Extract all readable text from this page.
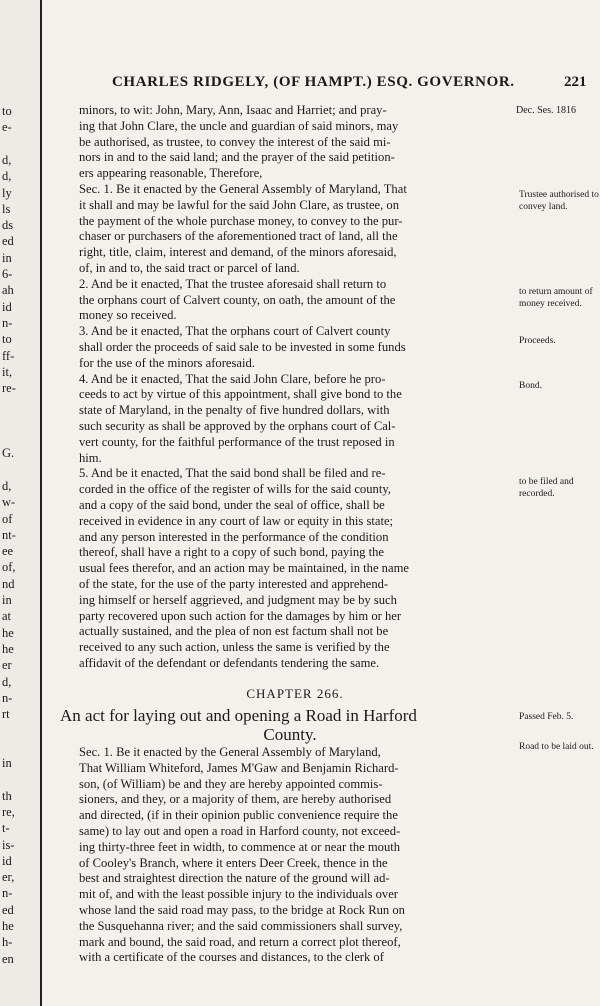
to
e-
d,
d,
ly
ls
ds
ed
in
6-
ah
id
n-
to
ff-
it,
re-
G.
d,
w-
of
nt-
ee
of,
nd
in
at
he
he
er
d,
n-
rt
in
th
re,
t-
is-
id
er,
n-
ed
he
h-
en
CHARLES RIDGELY, (OF HAMPT.) ESQ. GOVERNOR.	221
Dec. Ses. 1816
minors, to wit: John, Mary, Ann, Isaac and Harriet; and pray-
ing that John Clare, the uncle and guardian of said minors, may
be authorised, as trustee, to convey the interest of the said mi-
nors in and to the said land; and the prayer of the said petition-
ers appearing reasonable, Therefore,
Sec. 1. Be it enacted by the General Assembly of Maryland, That
it shall and may be lawful for the said John Clare, as trustee, on
the payment of the whole purchase money, to convey to the pur-
chaser or purchasers of the aforementioned tract of land, all the
right, title, claim, interest and demand, of the minors aforesaid,
of, in and to, the said tract or parcel of land.
2. And be it enacted, That the trustee aforesaid shall return to
the orphans court of Calvert county, on oath, the amount of the
money so received.
3. And be it enacted, That the orphans court of Calvert county
shall order the proceeds of said sale to be invested in some funds
for the use of the minors aforesaid.
4. And be it enacted, That the said John Clare, before he pro-
ceeds to act by virtue of this appointment, shall give bond to the
state of Maryland, in the penalty of five hundred dollars, with
such security as shall be approved by the orphans court of Cal-
vert county, for the faithful performance of the trust reposed in
him.
5. And be it enacted, That the said bond shall be filed and re-
corded in the office of the register of wills for the said county,
and a copy of the said bond, under the seal of office, shall be
received in evidence in any court of law or equity in this state;
and any person interested in the performance of the condition
thereof, shall have a right to a copy of such bond, paying the
usual fees therefor, and an action may be maintained, in the name
of the state, for the use of the party interested and apprehend-
ing himself or herself aggrieved, and judgment may be by such
party recovered upon such action for the damages by him or her
actually sustained, and the plea of non est factum shall not be
received to any such action, unless the same is verified by the
affidavit of the defendant or defendants tendering the same.
Trustee authorised to convey land.
to return amount of money received.
Proceeds.
Bond.
to be filed and recorded.
CHAPTER 266.
An act for laying out and opening a Road in Harford
County.
Passed Feb. 5.
Road to be laid out.
Sec. 1. Be it enacted by the General Assembly of Maryland,
That William Whiteford, James M'Gaw and Benjamin Richard-
son, (of William) be and they are hereby appointed commis-
sioners, and they, or a majority of them, are hereby authorised
and directed, (if in their opinion public convenience require the
same) to lay out and open a road in Harford county, not exceed-
ing thirty-three feet in width, to commence at or near the mouth
of Cooley's Branch, where it enters Deer Creek, thence in the
best and straightest direction the nature of the ground will ad-
mit of, and with the least possible injury to the individuals over
whose land the said road may pass, to the bridge at Rock Run on
the Susquehanna river; and the said commissioners shall survey,
mark and bound, the said road, and return a correct plot thereof,
with a certificate of the courses and distances, to the clerk of
